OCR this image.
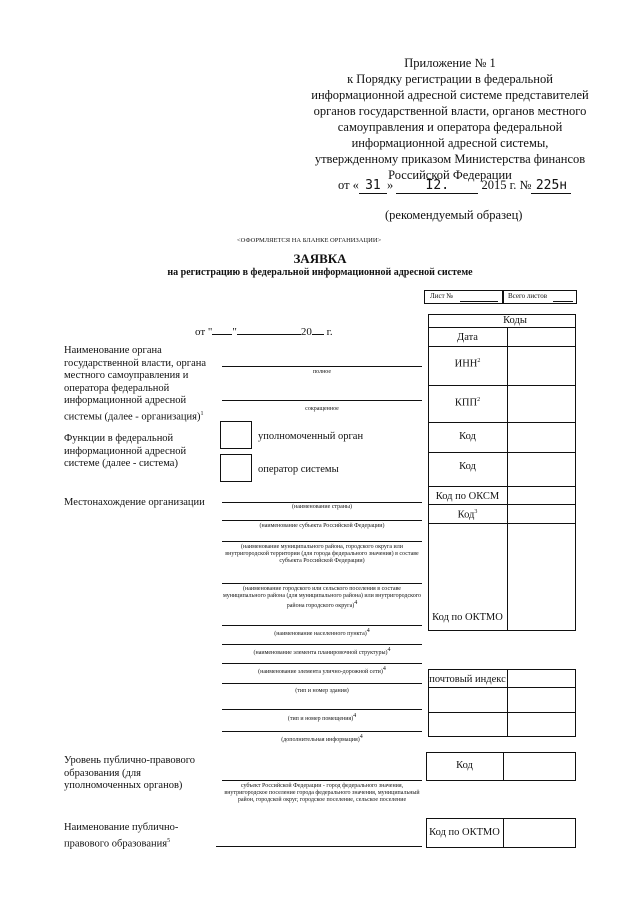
Приложение № 1
к Порядку регистрации в федеральной
информационной адресной системе представителей
органов государственной власти, органов местного
самоуправления и оператора федеральной
информационной адресной системы,
утвержденному приказом Министерства финансов
Российской Федерации
от « 31 » I2.	2015 г. № 225н
(рекомендуемый образец)
<ОФОРМЛЯЕТСЯ НА БЛАНКЕ ОРГАНИЗАЦИИ>
ЗАЯВКА
на регистрацию в федеральной информационной адресной системе
Лист №	Всего листов
Коды
Дата
ИНН$^2$
КПП$^2$
Код
Код
Код по ОКСМ
Код$^3$
Код по ОКТМО
почтовый индекс
Код
Код по ОКТМО
от " "	20 г.
Наименование органа государственной власти, органа местного самоуправления и оператора федеральной информационной адресной системы (далее - организация)$^1$
полное
сокращенное
Функции в федеральной информационной адресной системе (далее - система)
уполномоченный орган
оператор системы
Местонахождение организации	(наименование страны)
(наименование субъекта Российской Федерации)
(наименование муниципального района, городского округа или внутригородской территории (для города федерального значения) в составе субъекта Российской Федерации)
(наименование городского или сельского поселения в составе муниципального района (для муниципального района) или внутригородского района городского округа)$^4$
(наименование населенного пункта)$^4$
(наименование элемента планировочной структуры)$^4$
(наименование элемента улично-дорожной сети)$^4$
(тип и номер здания)
(тип и номер помещения)$^4$
(дополнительная информация)$^4$
Уровень публично-правового образования (для уполномоченных органов)	субъект Российской Федерации - город федерального значения, внутригородское поселение города федерального значения, муниципальный район, городской округ, городское поселение, сельское поселение
Наименование публично-правового образования$^5$
